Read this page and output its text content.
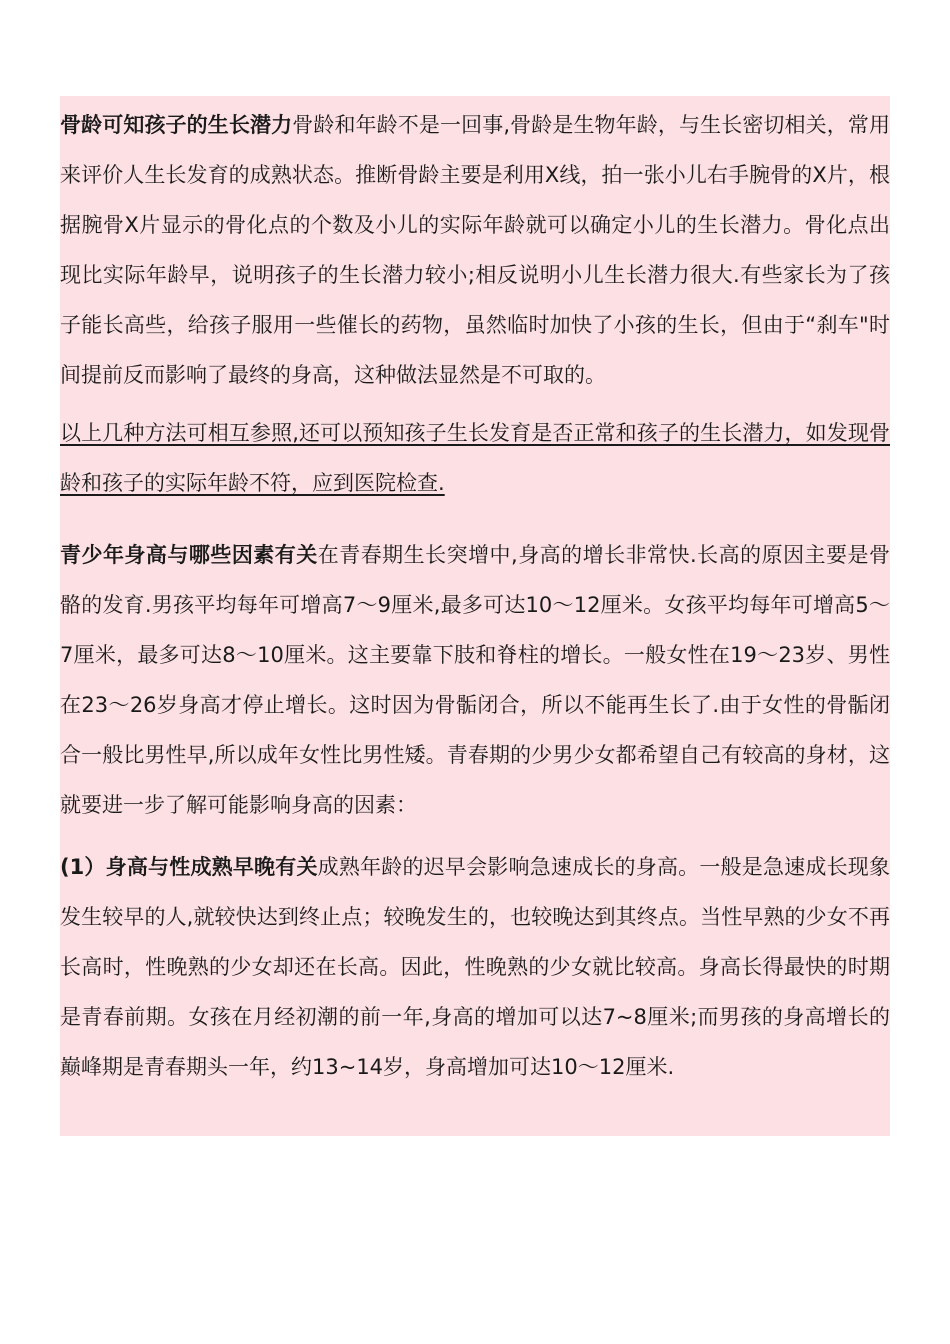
骨龄可知孩子的生长潜力骨龄和年龄不是一回事,骨龄是生物年龄，与生长密切相关，常用来评价人生长发育的成熟状态。推断骨龄主要是利用X线，拍一张小儿右手腕骨的X片，根据腕骨X片显示的骨化点的个数及小儿的实际年龄就可以确定小儿的生长潜力。骨化点出现比实际年龄早，说明孩子的生长潜力较小;相反说明小儿生长潜力很大.有些家长为了孩子能长高些，给孩子服用一些催长的药物，虽然临时加快了小孩的生长，但由于“刹车"时间提前反而影响了最终的身高，这种做法显然是不可取的。

以上几种方法可相互参照,还可以预知孩子生长发育是否正常和孩子的生长潜力，如发现骨龄和孩子的实际年龄不符，应到医院检查.

青少年身高与哪些因素有关在青春期生长突增中,身高的增长非常快.长高的原因主要是骨骼的发育.男孩平均每年可增高7～9厘米,最多可达10～12厘米。女孩平均每年可增高5～7厘米，最多可达8～10厘米。这主要靠下肢和脊柱的增长。一般女性在19～23岁、男性在23～26岁身高才停止增长。这时因为骨骺闭合，所以不能再生长了.由于女性的骨骺闭合一般比男性早,所以成年女性比男性矮。青春期的少男少女都希望自己有较高的身材，这就要进一步了解可能影响身高的因素：

(1）身高与性成熟早晚有关成熟年龄的迟早会影响急速成长的身高。一般是急速成长现象发生较早的人,就较快达到终止点；较晚发生的，也较晚达到其终点。当性早熟的少女不再长高时，性晚熟的少女却还在长高。因此，性晚熟的少女就比较高。身高长得最快的时期是青春前期。女孩在月经初潮的前一年,身高的增加可以达7~8厘米;而男孩的身高增长的巅峰期是青春期头一年，约13~14岁，身高增加可达10～12厘米.
